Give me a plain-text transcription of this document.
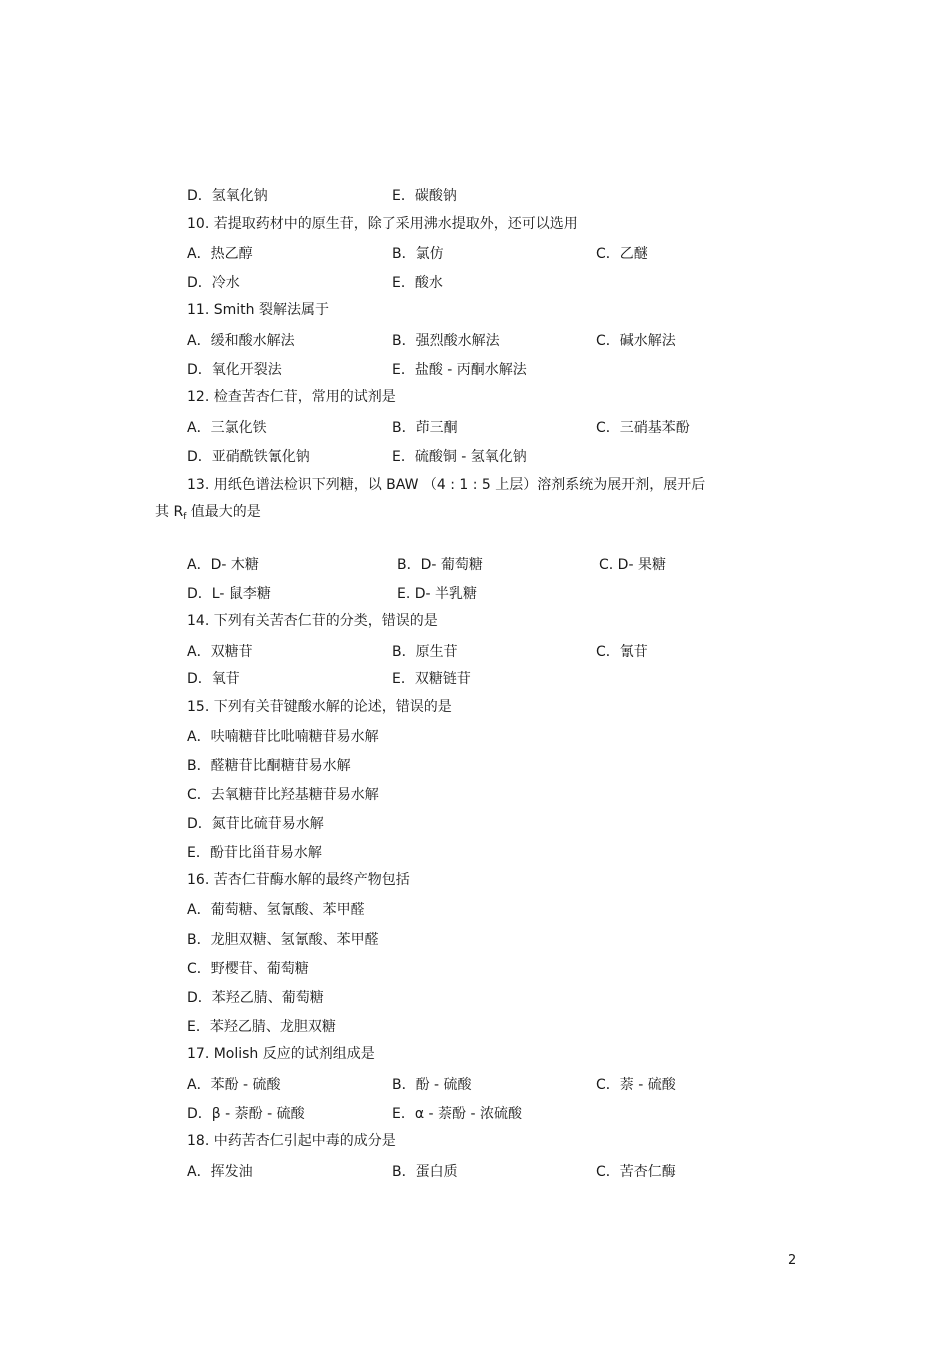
D．氢氧化钠	E．碳酸钠
10. 若提取药材中的原生苷，除了采用沸水提取外，还可以选用
A．热乙醇	B．氯仿	C．乙醚
D．冷水	E．酸水
11. Smith 裂解法属于
A．缓和酸水解法	B．强烈酸水解法	C．碱水解法
D．氧化开裂法	E．盐酸 - 丙酮水解法
12. 检查苦杏仁苷，常用的试剂是
A．三氯化铁	B．茚三酮	C．三硝基苯酚
D．亚硝酰铁氰化钠	E．硫酸铜 - 氢氧化钠
A．D- 木糖	B．D- 葡萄糖	C. D- 果糖
D．L- 鼠李糖	E. D- 半乳糖
14. 下列有关苦杏仁苷的分类，错误的是
A．双糖苷	B．原生苷	C．氰苷
D．氧苷	E．双糖链苷
15. 下列有关苷键酸水解的论述，错误的是
A．呋喃糖苷比吡喃糖苷易水解
B．醛糖苷比酮糖苷易水解
C．去氧糖苷比羟基糖苷易水解
D．氮苷比硫苷易水解
E．酚苷比甾苷易水解
16. 苦杏仁苷酶水解的最终产物包括
A．葡萄糖、氢氰酸、苯甲醛
B．龙胆双糖、氢氰酸、苯甲醛
C．野樱苷、葡萄糖
D．苯羟乙腈、葡萄糖
E．苯羟乙腈、龙胆双糖
17. Molish 反应的试剂组成是
A．苯酚 - 硫酸	B．酚 - 硫酸	C．萘 - 硫酸
D．β - 萘酚 - 硫酸	E．α - 萘酚 - 浓硫酸
18. 中药苦杏仁引起中毒的成分是
A．挥发油	B．蛋白质	C．苦杏仁酶
13. 用纸色谱法检识下列糖，以 BAW （4 : 1 : 5 上层）溶剂系统为展开剂，展开后
其 $R_f$ 值最大的是
2
